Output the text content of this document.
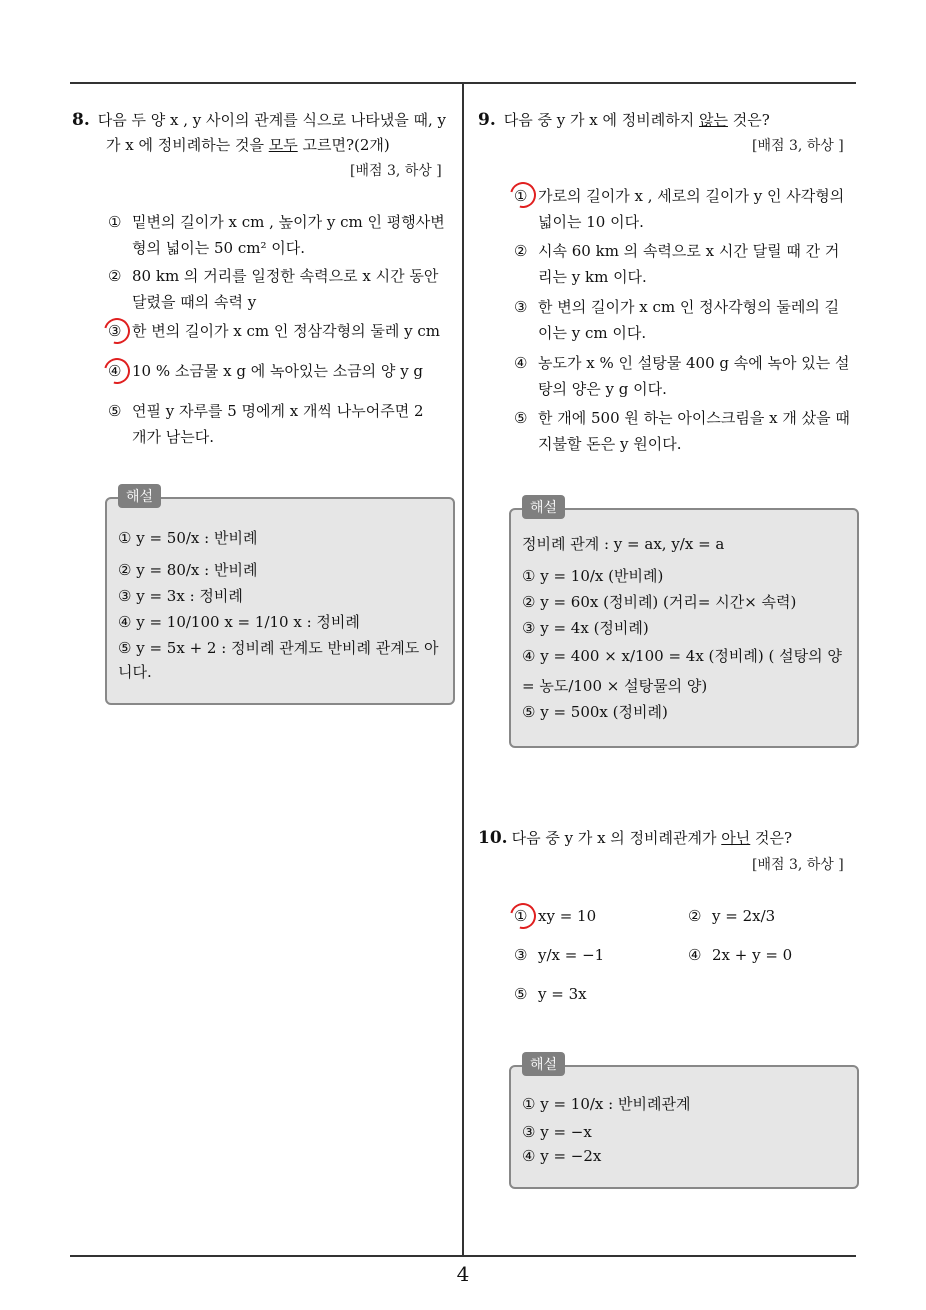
4
8. 다음 두 양 x , y 사이의 관계를 식으로 나타냈을 때, y
가 x 에 정비례하는 것을 모두 고르면?(2개)
[배점 3, 하상 ]
① 밑변의 길이가 x cm , 높이가 y cm 인 평행사변
형의 넓이는 50 cm² 이다.
② 80 km 의 거리를 일정한 속력으로 x 시간 동안
달렸을 때의 속력 y
③ 한 변의 길이가 x cm 인 정삼각형의 둘레 y cm
④ 10 % 소금물 x g 에 녹아있는 소금의 양 y g
⑤ 연필 y 자루를 5 명에게 x 개씩 나누어주면 2
개가 남는다.
해설
① y = 50/x : 반비례
② y = 80/x : 반비례
③ y = 3x : 정비례
④ y = 10/100 x = 1/10 x : 정비례
⑤ y = 5x + 2 : 정비례 관계도 반비례 관계도 아
니다.
9. 다음 중 y 가 x 에 정비례하지 않는 것은?
[배점 3, 하상 ]
① 가로의 길이가 x , 세로의 길이가 y 인 사각형의
넓이는 10 이다.
② 시속 60 km 의 속력으로 x 시간 달릴 때 간 거
리는 y km 이다.
③ 한 변의 길이가 x cm 인 정사각형의 둘레의 길
이는 y cm 이다.
④ 농도가 x % 인 설탕물 400 g 속에 녹아 있는 설
탕의 양은 y g 이다.
⑤ 한 개에 500 원 하는 아이스크림을 x 개 샀을 때
지불할 돈은 y 원이다.
해설
정비례 관계 : y = ax, y/x = a
① y = 10/x (반비례)
② y = 60x (정비례) (거리= 시간× 속력)
③ y = 4x (정비례)
④ y = 400 × x/100 = 4x (정비례) ( 설탕의 양
= 농도/100 × 설탕물의 양)
⑤ y = 500x (정비례)
10. 다음 중 y 가 x 의 정비례관계가 아닌 것은?
[배점 3, 하상 ]
① xy = 10	② y = 2x/3
③ y/x = −1	④ 2x + y = 0
⑤ y = 3x
해설
① y = 10/x : 반비례관계
③ y = −x
④ y = −2x
